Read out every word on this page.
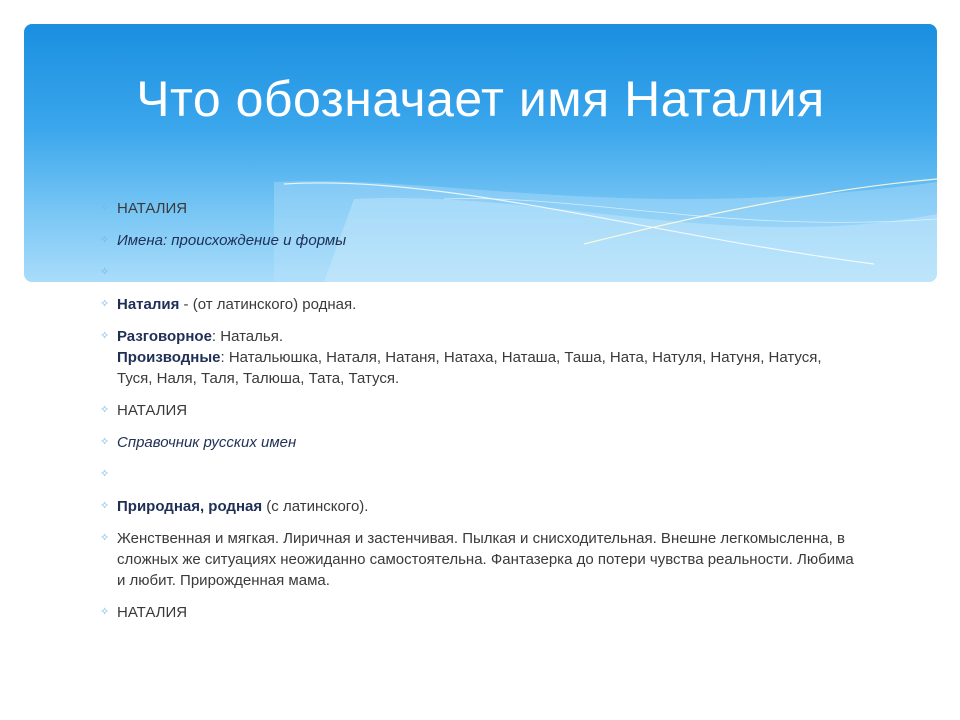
Что обозначает имя Наталия
✧ НАТАЛИЯ
✧ Имена: происхождение и формы
✧
✧ Наталия - (от латинского) родная.
✧ Разговорное: Наталья.
Производные: Натальюшка, Наталя, Натаня, Натаха, Наташа, Таша, Ната, Натуля, Натуня, Натуся, Туся, Наля, Таля, Талюша, Тата, Татуся.
✧ НАТАЛИЯ
✧ Справочник русских имен
✧
✧ Природная, родная (с латинского).
✧ Женственная и мягкая. Лиричная и застенчивая. Пылкая и снисходительная. Внешне легкомысленна, в сложных же ситуациях неожиданно самостоятельна. Фантазерка до потери чувства реальности. Любима и любит. Прирожденная мама.
✧ НАТАЛИЯ
